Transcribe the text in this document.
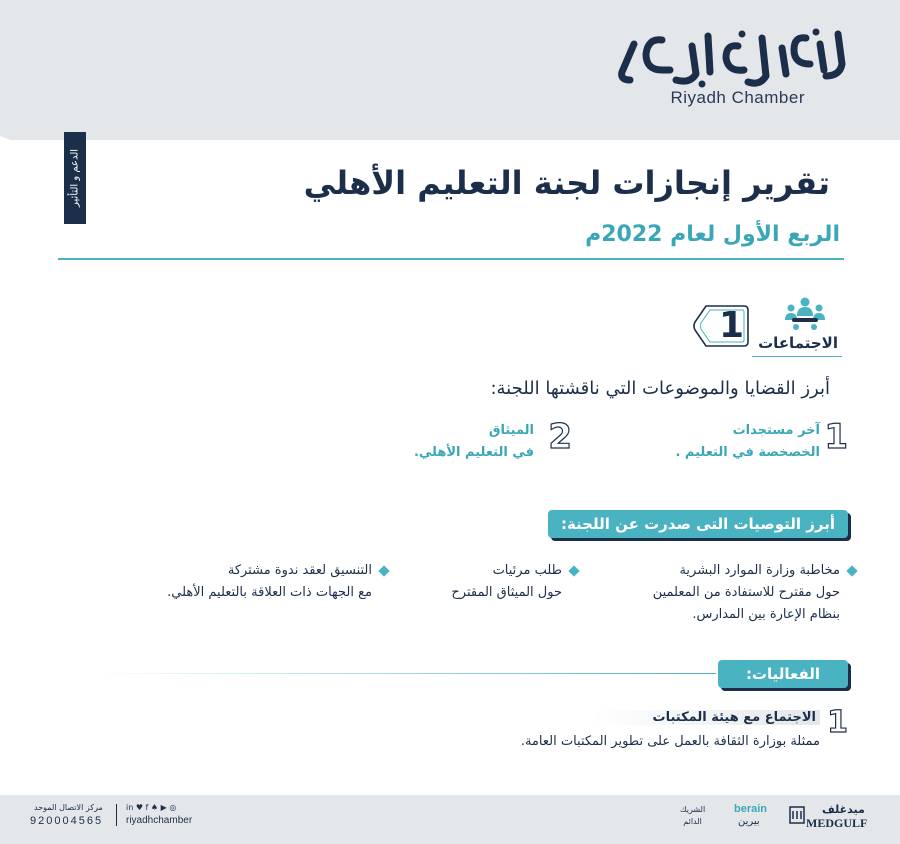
Riyadh Chamber
الدعم و التأثير	تقرير إنجازات لجنة التعليم الأهلي
الربع الأول لعام 2022م
1 الاجتماعات
أبرز القضايا والموضوعات التي ناقشتها اللجنة:
1
آخر مستجدات
الخصخصة في التعليم .
2
الميثاق
في التعليم الأهلي.
أبرز التوصيات التى صدرت عن اللجنة:
مخاطبة وزارة الموارد البشرية
حول مقترح للاستفادة من المعلمين
بنظام الإعارة بين المدارس.
طلب مرئيات
حول الميثاق المقترح
التنسيق لعقد ندوة مشتركة
مع الجهات ذات العلاقة بالتعليم الأهلي.
الفعاليات:
1
الاجتماع مع هيئة المكتبات
ممثلة بوزارة الثقافة بالعمل على تطوير المكتبات العامة.
مركز الاتصال الموحد
920004565
in ♥ f ♠ ▶ ◎
riyadhchamber
الشريك
الدائم
berain
بيرين
ميدغلف
MEDGULF
